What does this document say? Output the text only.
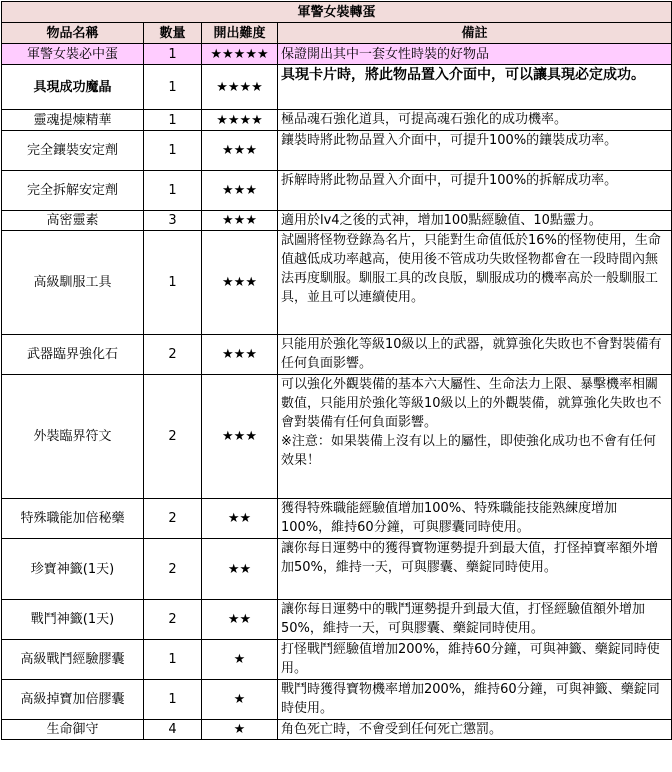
軍警女裝轉蛋			
物品名稱	數量	開出難度	備註
軍警女裝必中蛋	1	★★★★★	保證開出其中一套女性時裝的好物品
具現成功魔晶	1	★★★★	具現卡片時，將此物品置入介面中，可以讓具現必定成功。
靈魂提煉精華	1	★★★★	極品魂石強化道具，可提高魂石強化的成功機率。
完全鑲裝安定劑	1	★★★	鑲裝時將此物品置入介面中，可提升100%的鑲裝成功率。
完全拆解安定劑	1	★★★	拆解時將此物品置入介面中，可提升100%的拆解成功率。
高密靈素	3	★★★	適用於lv4之後的式神，增加100點經驗值、10點靈力。
高級馴服工具	1	★★★	試圖將怪物登錄為名片，只能對生命值低於16%的怪物使用，生命值越低成功率越高，使用後不管成功失敗怪物都會在一段時間內無法再度馴服。馴服工具的改良版，馴服成功的機率高於一般馴服工具，並且可以連續使用。
武器臨界強化石	2	★★★	只能用於強化等級10級以上的武器，就算強化失敗也不會對裝備有任何負面影響。
外裝臨界符文	2	★★★	可以強化外觀裝備的基本六大屬性、生命法力上限、暴擊機率相關數值，只能用於強化等級10級以上的外觀裝備，就算強化失敗也不會對裝備有任何負面影響。
※注意：如果裝備上沒有以上的屬性，即使強化成功也不會有任何效果！

特殊職能加倍秘藥	2	★★	獲得特殊職能經驗值增加100%、特殊職能技能熟練度增加100%，維持60分鐘，可與膠囊同時使用。
珍寶神籤(1天)	2	★★	讓你每日運勢中的獲得寶物運勢提升到最大值，打怪掉寶率額外增加50%，維持一天，可與膠囊、藥錠同時使用。
戰鬥神籤(1天)	2	★★	讓你每日運勢中的戰鬥運勢提升到最大值，打怪經驗值額外增加50%，維持一天，可與膠囊、藥錠同時使用。
高級戰鬥經驗膠囊	1	★	打怪戰鬥經驗值增加200%，維持60分鐘，可與神籤、藥錠同時使用。
高級掉寶加倍膠囊	1	★	戰鬥時獲得寶物機率增加200%，維持60分鐘，可與神籤、藥錠同時使用。
生命御守	4	★	角色死亡時，不會受到任何死亡懲罰。
